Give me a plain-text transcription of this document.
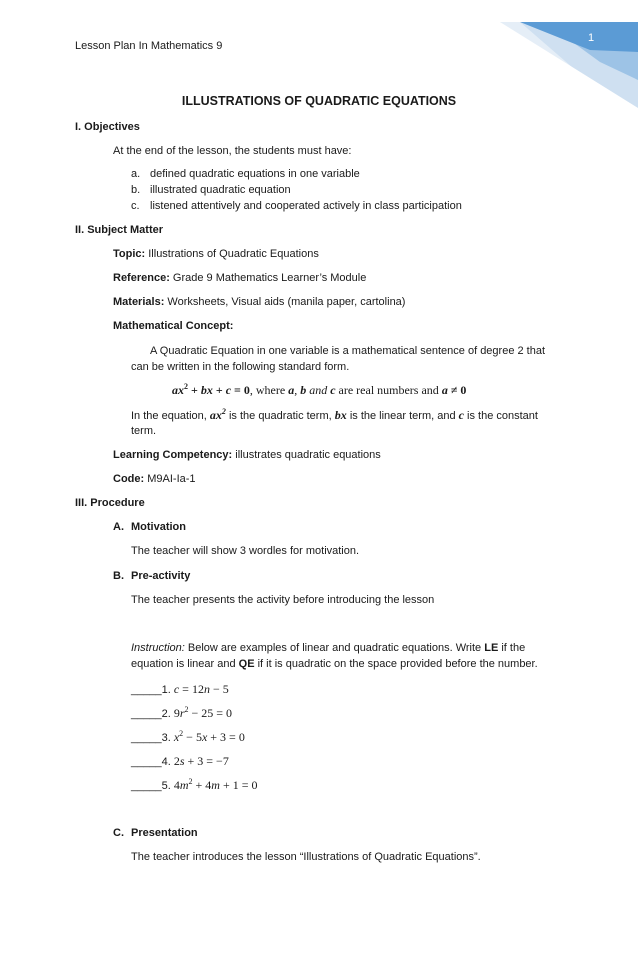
1
Lesson Plan In Mathematics 9
ILLUSTRATIONS OF QUADRATIC EQUATIONS
I. Objectives
At the end of the lesson, the students must have:
a. defined quadratic equations in one variable
b. illustrated quadratic equation
c. listened attentively and cooperated actively in class participation
II. Subject Matter
Topic: Illustrations of Quadratic Equations
Reference: Grade 9 Mathematics Learner’s Module
Materials: Worksheets, Visual aids (manila paper, cartolina)
Mathematical Concept:
A Quadratic Equation in one variable is a mathematical sentence of degree 2 that
can be written in the following standard form.
$ax^2$ + bx + c = 0, where a, b and c are real numbers and a ≠ 0
In the equation, $ax^2$ is the quadratic term, bx is the linear term, and c is the constant
term.
Learning Competency: illustrates quadratic equations
Code: M9AI-Ia-1
III. Procedure
A. Motivation
The teacher will show 3 wordles for motivation.
B. Pre-activity
The teacher presents the activity before introducing the lesson
Instruction: Below are examples of linear and quadratic equations. Write LE if the
equation is linear and QE if it is quadratic on the space provided before the number.
_____1. c = 12n − 5
_____2. $9r^2 - 25 = 0$
_____3. $x^2 - 5x + 3 = 0$
_____4. 2s + 3 = −7
_____5. $4m^2 + 4m + 1 = 0$
C. Presentation
The teacher introduces the lesson “Illustrations of Quadratic Equations”.
